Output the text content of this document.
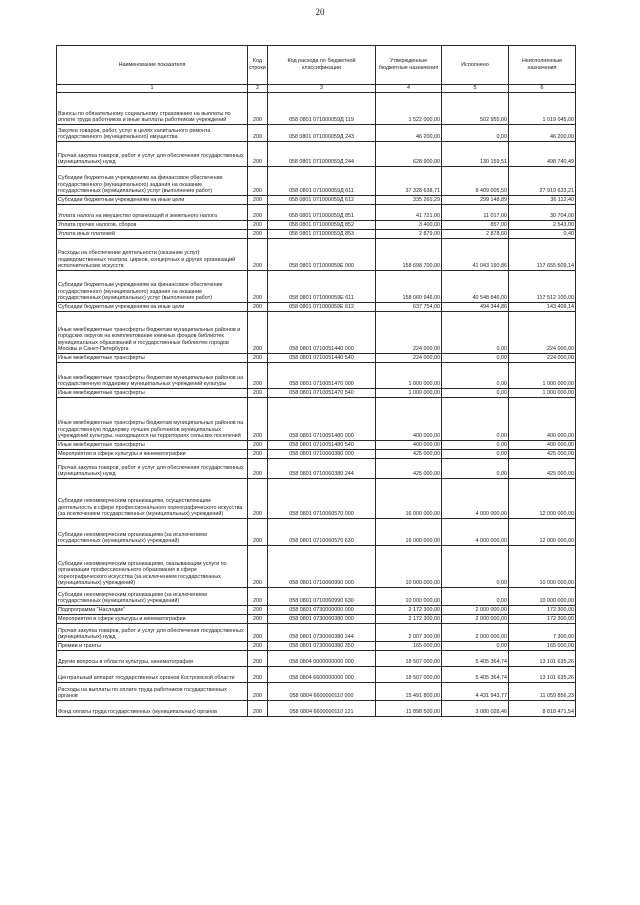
20
Наименование показателя	Код строки	Код расхода по бюджетной классификации	Утвержденные бюджетные назначения	Исполнено	Неисполненные назначения
1	2	3	4	5	6
Взносы по обязательному социальному страхованию на выплаты по оплате труда работников и иные выплаты работникам учреждений	200	058 0801 071000059Д 119	1 522 000,00	502 955,00	1 019 045,00
Закупка товаров, работ, услуг в целях капитального ремонта государственного (муниципального) имущества	200	058 0801 071000059Д 243	46 200,00	0,00	46 200,00
Прочая закупка товаров, работ и услуг для обеспечения государственных (муниципальных) нужд	200	058 0801 071000059Д 244	628 900,00	130 159,51	498 740,49
Субсидии бюджетным учреждениям на финансовое обеспечение государственного (муниципального) задания на оказание государственных (муниципальных) услуг (выполнение работ)	200	058 0801 071000059Д 611	37 328 638,71	9 409 005,50	27 919 633,21
Субсидии бюджетным учреждениям на иные цели	200	058 0801 071000059Д 612	335 261,29	299 148,89	36 112,40
Уплата налога на имущество организаций и земельного налога	200	058 0801 071000059Д 851	41 721,00	11 017,00	30 704,00
Уплата прочих налогов, сборов	200	058 0801 071000059Д 852	3 400,00	857,00	2 543,00
Уплата иных платежей	200	058 0801 071000059Д 853	2 879,00	2 878,60	0,40
Расходы на обеспечение деятельности (оказание услуг) подведомственных театров, цирков, концертных и других организаций исполнительских искусств	200	058 0801 071000059Е 000	158 698 700,00	41 043 190,86	117 655 509,14
Субсидии бюджетным учреждениям на финансовое обеспечение государственного (муниципального) задания на оказание государственных (муниципальных) услуг (выполнение работ)	200	058 0801 071000059Е 611	158 060 946,00	40 548 846,00	117 512 100,00
Субсидии бюджетным учреждениям на иные цели	200	058 0801 071000059Е 612	637 754,00	494 344,86	143 409,14
Иные межбюджетные трансферты бюджетам муниципальных районов и городских округов на комплектование книжных фондов библиотек муниципальных образований и государственных библиотек городов Москвы и Санкт-Петербурга	200	058 0801 0710051440 000	224 000,00	0,00	224 000,00
Иные межбюджетные трансферты	200	058 0801 0710051440 540	224 000,00	0,00	224 000,00
Иные межбюджетные трансферты бюджетам муниципальных районов на государственную поддержку муниципальных учреждений культуры	200	058 0801 0710051470 000	1 000 000,00	0,00	1 000 000,00
Иные межбюджетные трансферты	200	058 0801 0710051470 540	1 000 000,00	0,00	1 000 000,00
Иные межбюджетные трансферты бюджетам муниципальных районов на государственную поддержку лучших работников муниципальных учреждений культуры, находящихся на территориях сельских поселений	200	058 0801 0710051480 000	400 000,00	0,00	400 000,00
Иные межбюджетные трансферты	200	058 0801 0710051480 540	400 000,00	0,00	400 000,00
Мероприятия в сфере культуры и кинематографии	200	058 0801 0710060380 000	425 000,00	0,00	425 000,00
Прочая закупка товаров, работ и услуг для обеспечения государственных (муниципальных) нужд	200	058 0801 0710060380 244	425 000,00	0,00	425 000,00
Субсидии некоммерческим организациям, осуществляющим деятельность в сфере профессионального хореографического искусства (за исключением государственных (муниципальных) учреждений)	200	058 0801 0710060570 000	16 000 000,00	4 000 000,00	12 000 000,00
Субсидии некоммерческим организациям (за исключением государственных (муниципальных) учреждений)	200	058 0801 0710060570 630	16 000 000,00	4 000 000,00	12 000 000,00
Субсидии некоммерческим организациям, оказывающим услуги по организации профессионального образования в сфере хореографического искусства (за исключением государственных (муниципальных) учреждений)	200	058 0801 0710060990 000	10 000 000,00	0,00	10 000 000,00
Субсидии некоммерческим организациям (за исключением государственных (муниципальных) учреждений)	200	058 0801 0710060990 630	10 000 000,00	0,00	10 000 000,00
Подпрограмма "Наследие"	200	058 0801 0730000000 000	2 172 300,00	2 000 000,00	172 300,00
Мероприятия в сфере культуры и кинематографии	200	058 0801 0730060380 000	2 172 300,00	2 000 000,00	172 300,00
Прочая закупка товаров, работ и услуг для обеспечения государственных (муниципальных) нужд	200	058 0801 0730060380 244	2 007 300,00	2 000 000,00	7 300,00
Премии и гранты	200	058 0801 0730060380 350	165 000,00	0,00	165 000,00
Другие вопросы в области культуры, кинематографии	200	058 0804 0000000000 000	18 507 000,00	5 405 364,74	13 101 635,26
Центральный аппарат государственных органов Костромской области	200	058 0804 6600000000 000	18 507 000,00	5 405 364,74	13 101 635,26
Расходы на выплаты по оплате труда работников государственных органов	200	058 0804 6600000110 000	15 491 800,00	4 431 943,77	11 059 856,23
Фонд оплаты труда государственных (муниципальных) органов	200	058 0804 6600000110 121	11 898 500,00	3 080 028,46	8 818 471,54
